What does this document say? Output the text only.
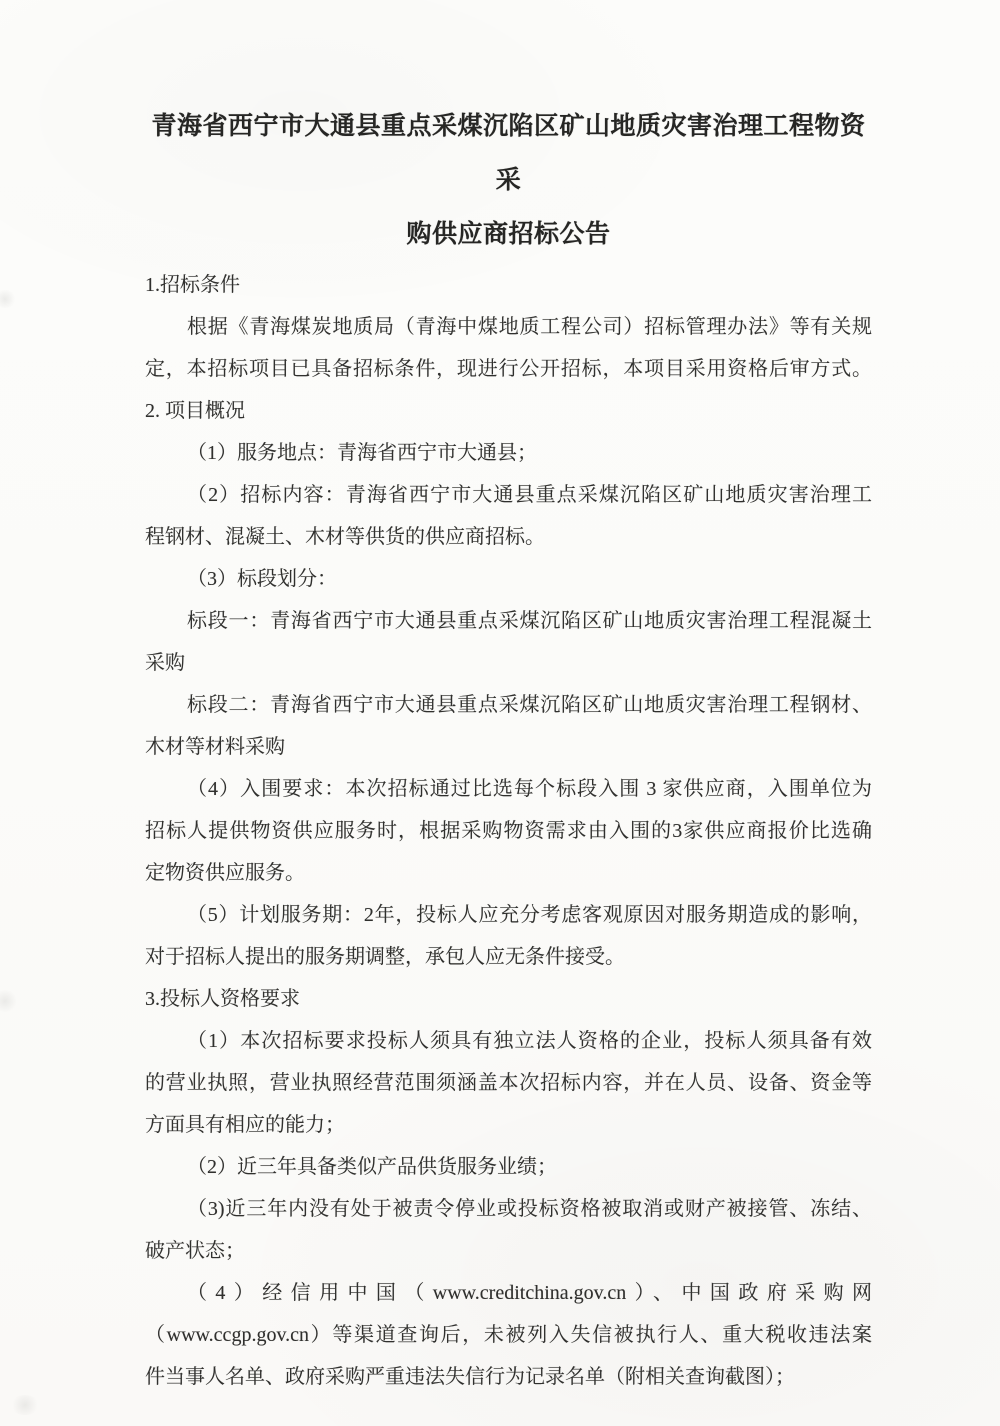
青海省西宁市大通县重点采煤沉陷区矿山地质灾害治理工程物资采
购供应商招标公告
1.招标条件
根据《青海煤炭地质局（青海中煤地质工程公司）招标管理办法》等有关规
定，本招标项目已具备招标条件，现进行公开招标，本项目采用资格后审方式。
2. 项目概况
（1）服务地点：青海省西宁市大通县；
（2）招标内容：青海省西宁市大通县重点采煤沉陷区矿山地质灾害治理工
程钢材、混凝土、木材等供货的供应商招标。
（3）标段划分：
标段一：青海省西宁市大通县重点采煤沉陷区矿山地质灾害治理工程混凝土
采购
标段二：青海省西宁市大通县重点采煤沉陷区矿山地质灾害治理工程钢材、
木材等材料采购
（4）入围要求：本次招标通过比选每个标段入围 3 家供应商，入围单位为
招标人提供物资供应服务时，根据采购物资需求由入围的3家供应商报价比选确
定物资供应服务。
（5）计划服务期：2年，投标人应充分考虑客观原因对服务期造成的影响，
对于招标人提出的服务期调整，承包人应无条件接受。
3.投标人资格要求
（1）本次招标要求投标人须具有独立法人资格的企业，投标人须具备有效
的营业执照，营业执照经营范围须涵盖本次招标内容，并在人员、设备、资金等
方面具有相应的能力；
（2）近三年具备类似产品供货服务业绩；
（3)近三年内没有处于被责令停业或投标资格被取消或财产被接管、冻结、
破产状态；
（4）经信用中国（www.creditchina.gov.cn）、中国政府采购网
（www.ccgp.gov.cn）等渠道查询后，未被列入失信被执行人、重大税收违法案
件当事人名单、政府采购严重违法失信行为记录名单（附相关查询截图）；
